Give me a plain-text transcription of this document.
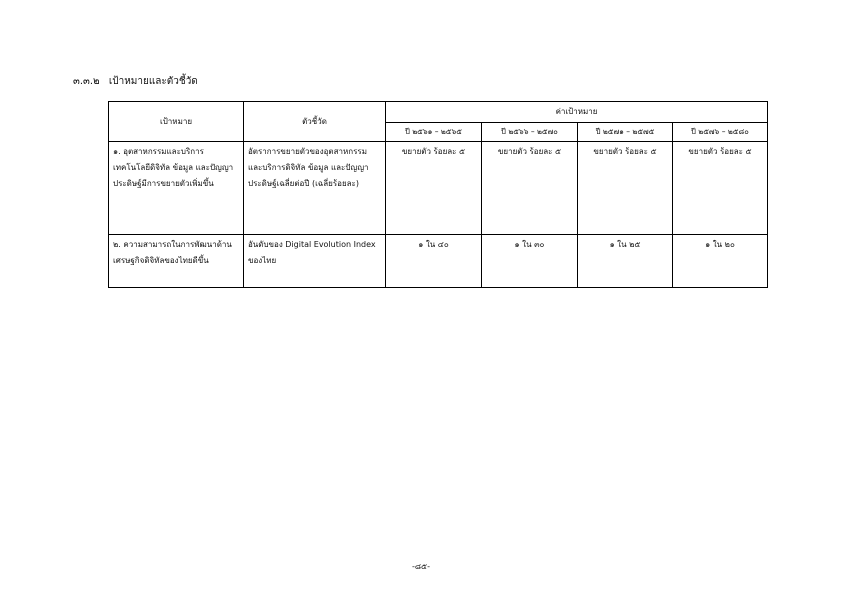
๓.๓.๒ เป้าหมายและตัวชี้วัด
เป้าหมาย	ตัวชี้วัด	ค่าเป้าหมาย			
		ปี ๒๕๖๑ – ๒๕๖๕	ปี ๒๕๖๖ – ๒๕๗๐	ปี ๒๕๗๑ – ๒๕๗๕	ปี ๒๕๗๖ – ๒๕๘๐
๑. อุตสาหกรรมและบริการเทคโนโลยีดิจิทัล ข้อมูล และปัญญาประดิษฐ์มีการขยายตัวเพิ่มขึ้น	อัตราการขยายตัวของอุตสาหกรรมและบริการดิจิทัล ข้อมูล และปัญญาประดิษฐ์เฉลี่ยต่อปี (เฉลี่ยร้อยละ)	ขยายตัว ร้อยละ ๕	ขยายตัว ร้อยละ ๕	ขยายตัว ร้อยละ ๕	ขยายตัว ร้อยละ ๕
๒. ความสามารถในการพัฒนาด้านเศรษฐกิจดิจิทัลของไทยดีขึ้น	อันดับของ Digital Evolution Index ของไทย	๑ ใน ๔๐	๑ ใน ๓๐	๑ ใน ๒๕	๑ ใน ๒๐
-๘๕-
